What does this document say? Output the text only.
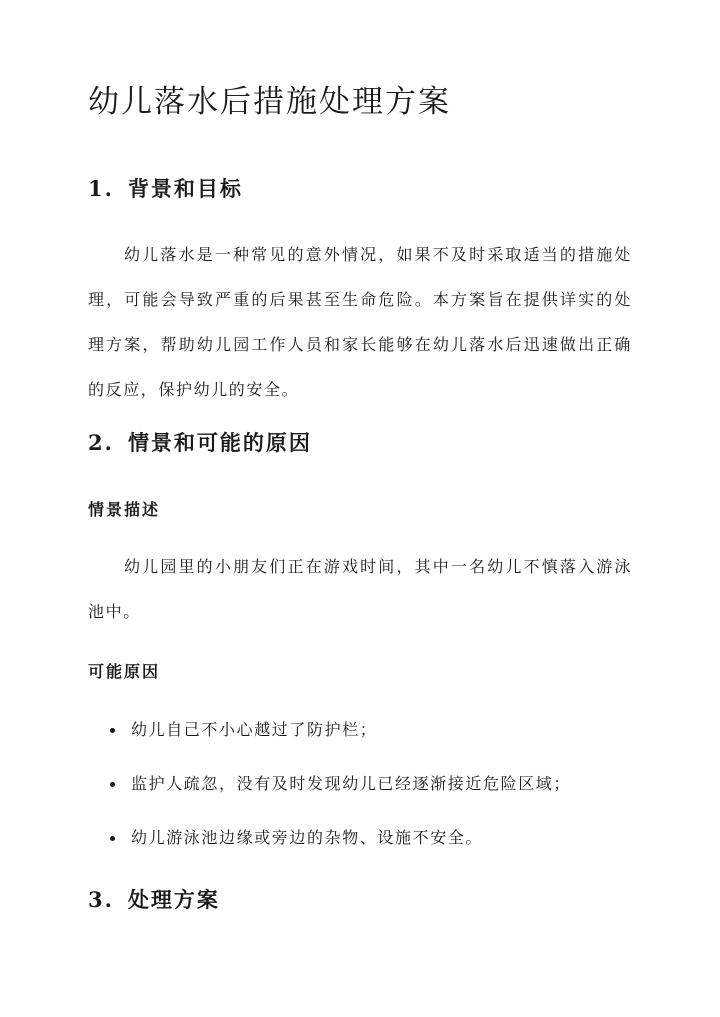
幼儿落水后措施处理方案
1. 背景和目标

幼儿落水是一种常见的意外情况，如果不及时采取适当的措施处理，可能会导致严重的后果甚至生命危险。本方案旨在提供详实的处理方案，帮助幼儿园工作人员和家长能够在幼儿落水后迅速做出正确的反应，保护幼儿的安全。

2. 情景和可能的原因
情景描述

幼儿园里的小朋友们正在游戏时间，其中一名幼儿不慎落入游泳池中。

可能原因
幼儿自己不小心越过了防护栏；
监护人疏忽，没有及时发现幼儿已经逐渐接近危险区域；
幼儿游泳池边缘或旁边的杂物、设施不安全。
3. 处理方案
